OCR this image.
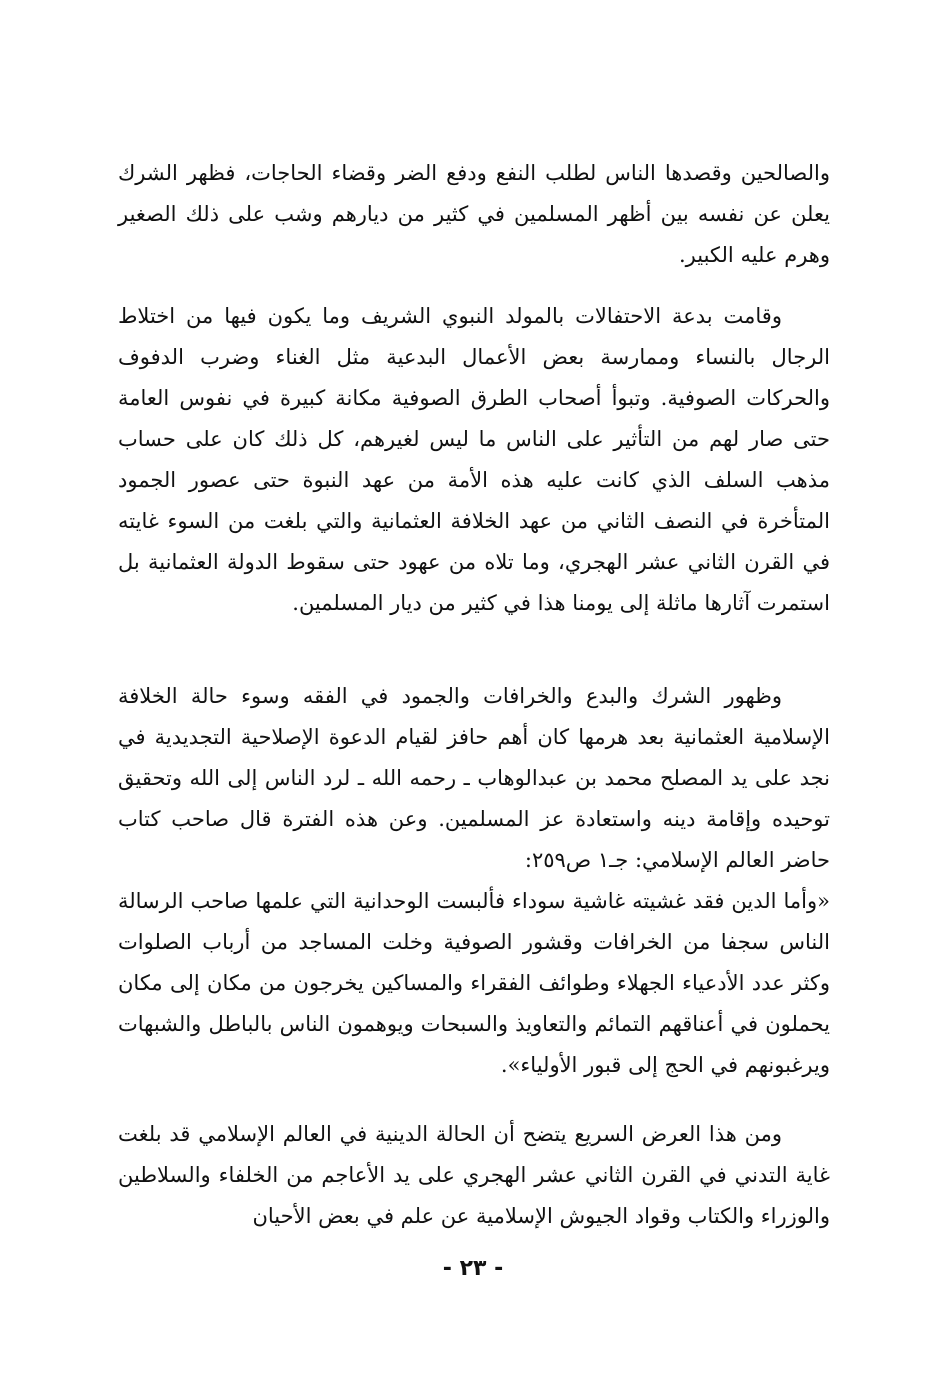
والصالحين وقصدها الناس لطلب النفع ودفع الضر وقضاء الحاجات، فظهر الشرك يعلن عن نفسه بين أظهر المسلمين في كثير من ديارهم وشب على ذلك الصغير وهرم عليه الكبير.

وقامت بدعة الاحتفالات بالمولد النبوي الشريف وما يكون فيها من اختلاط الرجال بالنساء وممارسة بعض الأعمال البدعية مثل الغناء وضرب الدفوف والحركات الصوفية. وتبوأ أصحاب الطرق الصوفية مكانة كبيرة في نفوس العامة حتى صار لهم من التأثير على الناس ما ليس لغيرهم، كل ذلك كان على حساب مذهب السلف الذي كانت عليه هذه الأمة من عهد النبوة حتى عصور الجمود المتأخرة في النصف الثاني من عهد الخلافة العثمانية والتي بلغت من السوء غايته في القرن الثاني عشر الهجري، وما تلاه من عهود حتى سقوط الدولة العثمانية بل استمرت آثارها ماثلة إلى يومنا هذا في كثير من ديار المسلمين.

وظهور الشرك والبدع والخرافات والجمود في الفقه وسوء حالة الخلافة الإسلامية العثمانية بعد هرمها كان أهم حافز لقيام الدعوة الإصلاحية التجديدية في نجد على يد المصلح محمد بن عبدالوهاب ـ رحمه الله ـ لرد الناس إلى الله وتحقيق توحيده وإقامة دينه واستعادة عز المسلمين. وعن هذه الفترة قال صاحب كتاب حاضر العالم الإسلامي: جـ١ ص٢٥٩:

«وأما الدين فقد غشيته غاشية سوداء فألبست الوحدانية التي علمها صاحب الرسالة الناس سجفا من الخرافات وقشور الصوفية وخلت المساجد من أرباب الصلوات وكثر عدد الأدعياء الجهلاء وطوائف الفقراء والمساكين يخرجون من مكان إلى مكان يحملون في أعناقهم التمائم والتعاويذ والسبحات ويوهمون الناس بالباطل والشبهات ويرغبونهم في الحج إلى قبور الأولياء».

ومن هذا العرض السريع يتضح أن الحالة الدينية في العالم الإسلامي قد بلغت غاية التدني في القرن الثاني عشر الهجري على يد الأعاجم من الخلفاء والسلاطين والوزراء والكتاب وقواد الجيوش الإسلامية عن علم في بعض الأحيان

- ٢٣ -
